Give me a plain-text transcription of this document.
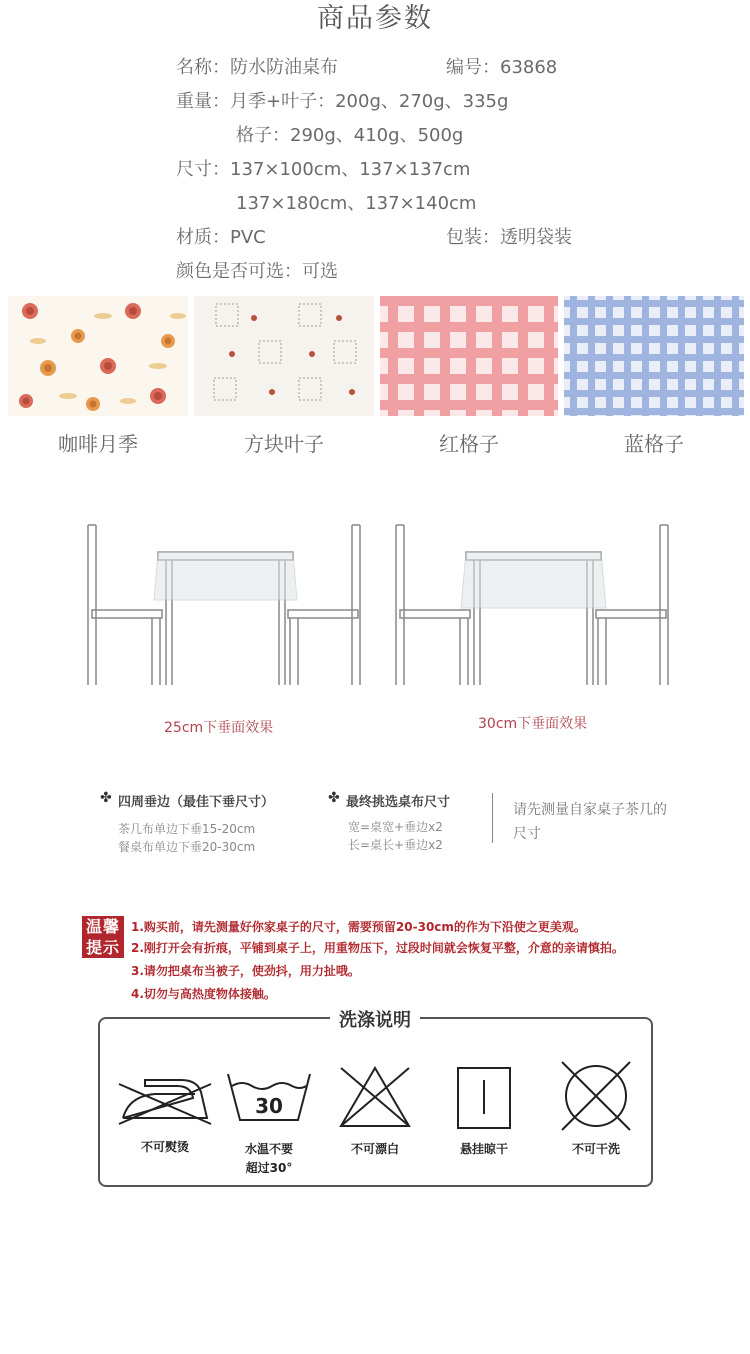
商品参数
名称：防水防油桌布	编号：63868
重量：月季+叶子：200g、270g、335g
格子：290g、410g、500g
尺寸：137×100cm、137×137cm
137×180cm、137×140cm
材质：PVC	包装：透明袋装
颜色是否可选：可选
咖啡月季	方块叶子	红格子	蓝格子
25cm下垂面效果	30cm下垂面效果
✤ 四周垂边（最佳下垂尺寸）
茶几布单边下垂15-20cm
餐桌布单边下垂20-30cm
✤ 最终挑选桌布尺寸
宽=桌宽+垂边x2
长=桌长+垂边x2
请先测量自家桌子茶几的
尺寸
温馨
提示
1.购买前，请先测量好你家桌子的尺寸，需要预留20-30cm的作为下沿使之更美观。
2.刚打开会有折痕，平铺到桌子上，用重物压下，过段时间就会恢复平整，介意的亲请慎拍。
3.请勿把桌布当被子，使劲抖，用力扯哦。
4.切勿与高热度物体接触。
洗涤说明
不可熨烫
30
水温不要
超过30°
不可漂白	悬挂晾干	不可干洗
